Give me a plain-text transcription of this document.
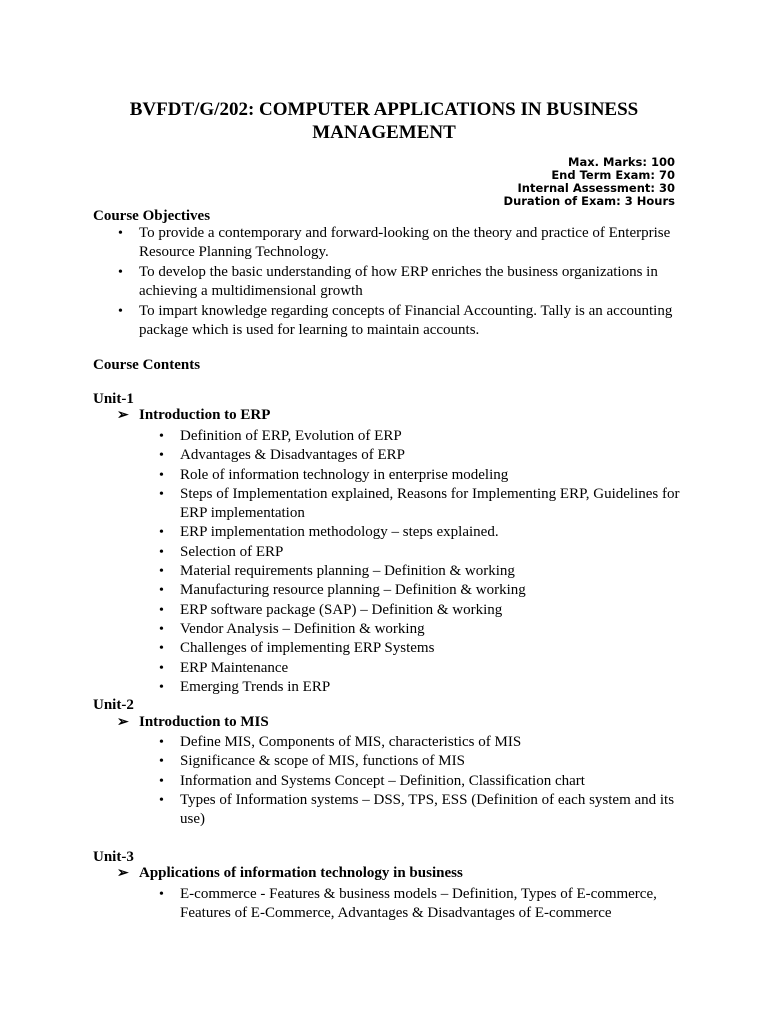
BVFDT/G/202: COMPUTER APPLICATIONS IN BUSINESS MANAGEMENT
Max. Marks: 100
End Term Exam: 70
Internal Assessment: 30
Duration of Exam: 3 Hours
Course Objectives
• To provide a contemporary and forward-looking on the theory and practice of Enterprise Resource Planning Technology.
• To develop the basic understanding of how ERP enriches the business organizations in achieving a multidimensional growth
• To impart knowledge regarding concepts of Financial Accounting. Tally is an accounting package which is used for learning to maintain accounts.
Course Contents
Unit-1
➢ Introduction to ERP
• Definition of ERP, Evolution of ERP
• Advantages & Disadvantages of ERP
• Role of information technology in enterprise modeling
• Steps of Implementation explained, Reasons for Implementing ERP, Guidelines for ERP implementation
• ERP implementation methodology – steps explained.
• Selection of ERP
• Material requirements planning – Definition & working
• Manufacturing resource planning – Definition & working
• ERP software package (SAP) – Definition & working
• Vendor Analysis – Definition & working
• Challenges of implementing ERP Systems
• ERP Maintenance
• Emerging Trends in ERP
Unit-2
➢ Introduction to MIS
• Define MIS, Components of MIS, characteristics of MIS
• Significance & scope of MIS, functions of MIS
• Information and Systems Concept – Definition, Classification chart
• Types of Information systems – DSS, TPS, ESS (Definition of each system and its use)
Unit-3
➢ Applications of information technology in business
• E-commerce - Features & business models – Definition, Types of E-commerce, Features of E-Commerce, Advantages & Disadvantages of E-commerce
